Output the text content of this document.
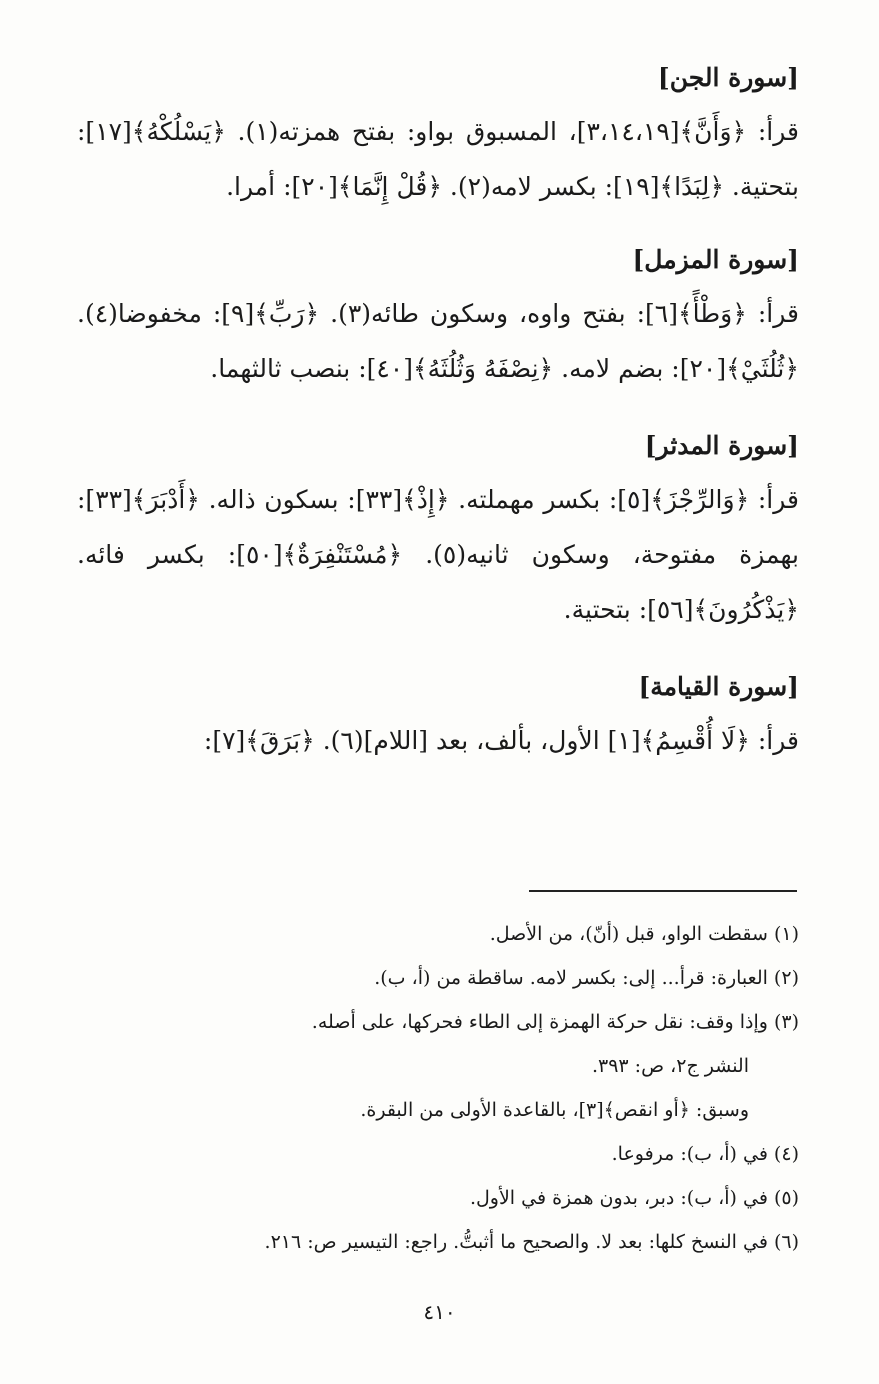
[سورة الجن]

قرأ: ﴿وَأَنَّ﴾[٣،١٤،١٩]، المسبوق بواو: بفتح همزته(١). ﴿يَسْلُكْهُ﴾[١٧]: بتحتية. ﴿لِبَدًا﴾[١٩]: بكسر لامه(٢). ﴿قُلْ إِنَّمَا﴾[٢٠]: أمرا.

[سورة المزمل]

قرأ: ﴿وَطْأً﴾[٦]: بفتح واوه، وسكون طائه(٣). ﴿رَبِّ﴾[٩]: مخفوضا(٤). ﴿ثُلُثَيْ﴾[٢٠]: بضم لامه. ﴿نِصْفَهُ وَثُلُثَهُ﴾[٤٠]: بنصب ثالثهما.

[سورة المدثر]

قرأ: ﴿وَالرِّجْزَ﴾[٥]: بكسر مهملته. ﴿إِذْ﴾[٣٣]: بسكون ذاله. ﴿أَدْبَرَ﴾[٣٣]: بهمزة مفتوحة، وسكون ثانيه(٥). ﴿مُسْتَنْفِرَةٌ﴾[٥٠]: بكسر فائه. ﴿يَذْكُرُونَ﴾[٥٦]: بتحتية.

[سورة القيامة]

قرأ: ﴿لَا أُقْسِمُ﴾[١] الأول، بألف، بعد [اللام](٦). ﴿بَرَقَ﴾[٧]:

(١) سقطت الواو، قبل (أنّ)، من الأصل.

(٢) العبارة: قرأ... إلى: بكسر لامه. ساقطة من (أ، ب).

(٣) وإذا وقف: نقل حركة الهمزة إلى الطاء فحركها، على أصله.

النشر ج٢، ص: ٣٩٣.

وسبق: ﴿أو انقص﴾[٣]، بالقاعدة الأولى من البقرة.

(٤) في (أ، ب): مرفوعا.

(٥) في (أ، ب): دبر، بدون همزة في الأول.

(٦) في النسخ كلها: بعد لا. والصحيح ما أثبتُّ. راجع: التيسير ص: ٢١٦.

٤١٠
